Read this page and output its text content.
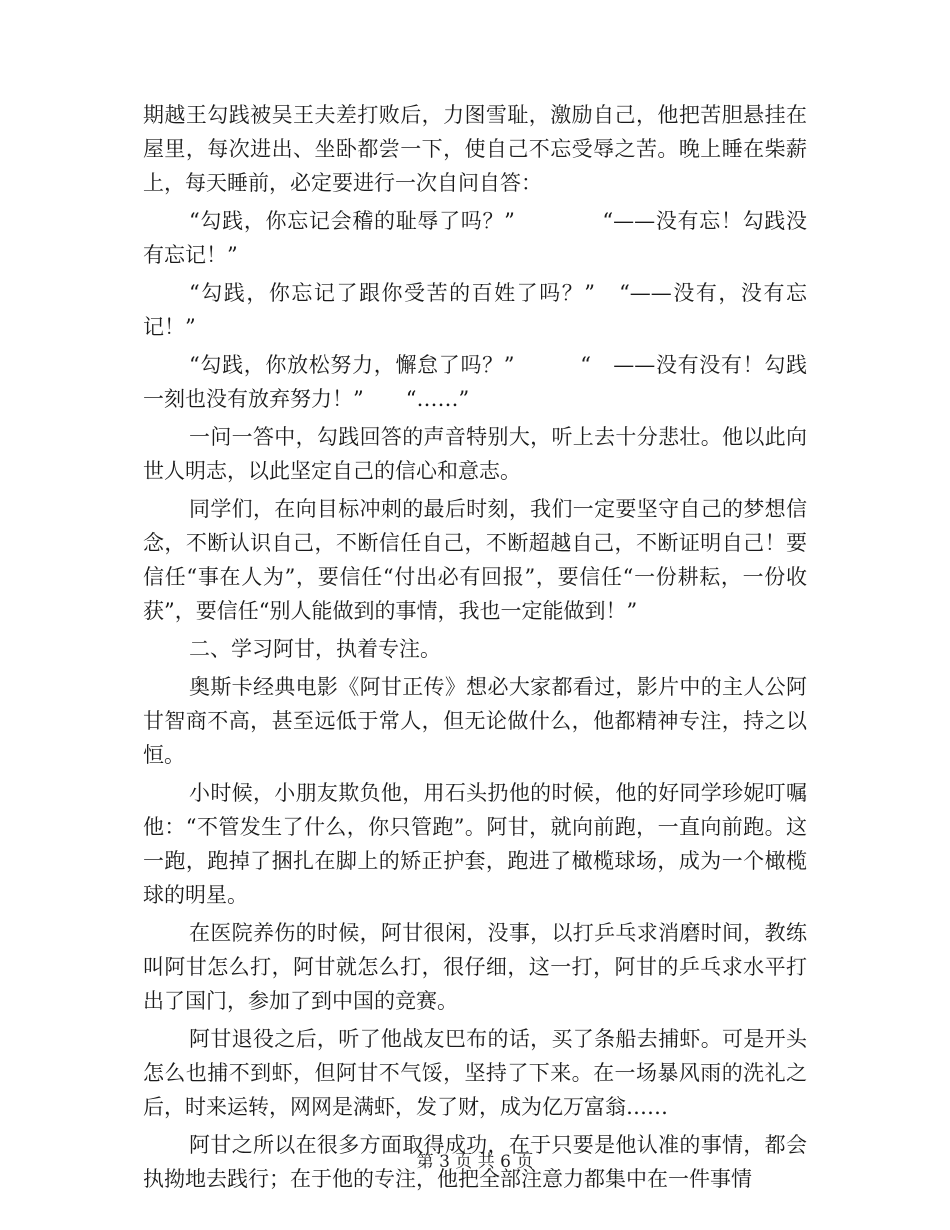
期越王勾践被吴王夫差打败后，力图雪耻，激励自己，他把苦胆悬挂在屋里，每次进出、坐卧都尝一下，使自己不忘受辱之苦。晚上睡在柴薪上，每天睡前，必定要进行一次自问自答：

“勾践，你忘记会稽的耻辱了吗？”　　　　“——没有忘！勾践没有忘记！”

“勾践，你忘记了跟你受苦的百姓了吗？”　“——没有，没有忘记！”

“勾践，你放松努力，懈怠了吗？”　　　“　——没有没有！勾践一刻也没有放弃努力！”　　“……”

一问一答中，勾践回答的声音特别大，听上去十分悲壮。他以此向世人明志，以此坚定自己的信心和意志。

同学们，在向目标冲刺的最后时刻，我们一定要坚守自己的梦想信念，不断认识自己，不断信任自己，不断超越自己，不断证明自己！要信任“事在人为”，要信任“付出必有回报”，要信任“一份耕耘，一份收获”，要信任“别人能做到的事情，我也一定能做到！”

二、学习阿甘，执着专注。

奥斯卡经典电影《阿甘正传》想必大家都看过，影片中的主人公阿甘智商不高，甚至远低于常人，但无论做什么，他都精神专注，持之以恒。

小时候，小朋友欺负他，用石头扔他的时候，他的好同学珍妮叮嘱他：“不管发生了什么，你只管跑”。阿甘，就向前跑，一直向前跑。这一跑，跑掉了捆扎在脚上的矫正护套，跑进了橄榄球场，成为一个橄榄球的明星。

在医院养伤的时候，阿甘很闲，没事，以打乒乓求消磨时间，教练叫阿甘怎么打，阿甘就怎么打，很仔细，这一打，阿甘的乒乓求水平打出了国门，参加了到中国的竞赛。

阿甘退役之后，听了他战友巴布的话，买了条船去捕虾。可是开头怎么也捕不到虾，但阿甘不气馁，坚持了下来。在一场暴风雨的洗礼之后，时来运转，网网是满虾，发了财，成为亿万富翁……

阿甘之所以在很多方面取得成功，在于只要是他认准的事情，都会执拗地去践行；在于他的专注，他把全部注意力都集中在一件事情

第 3 页 共 6 页
